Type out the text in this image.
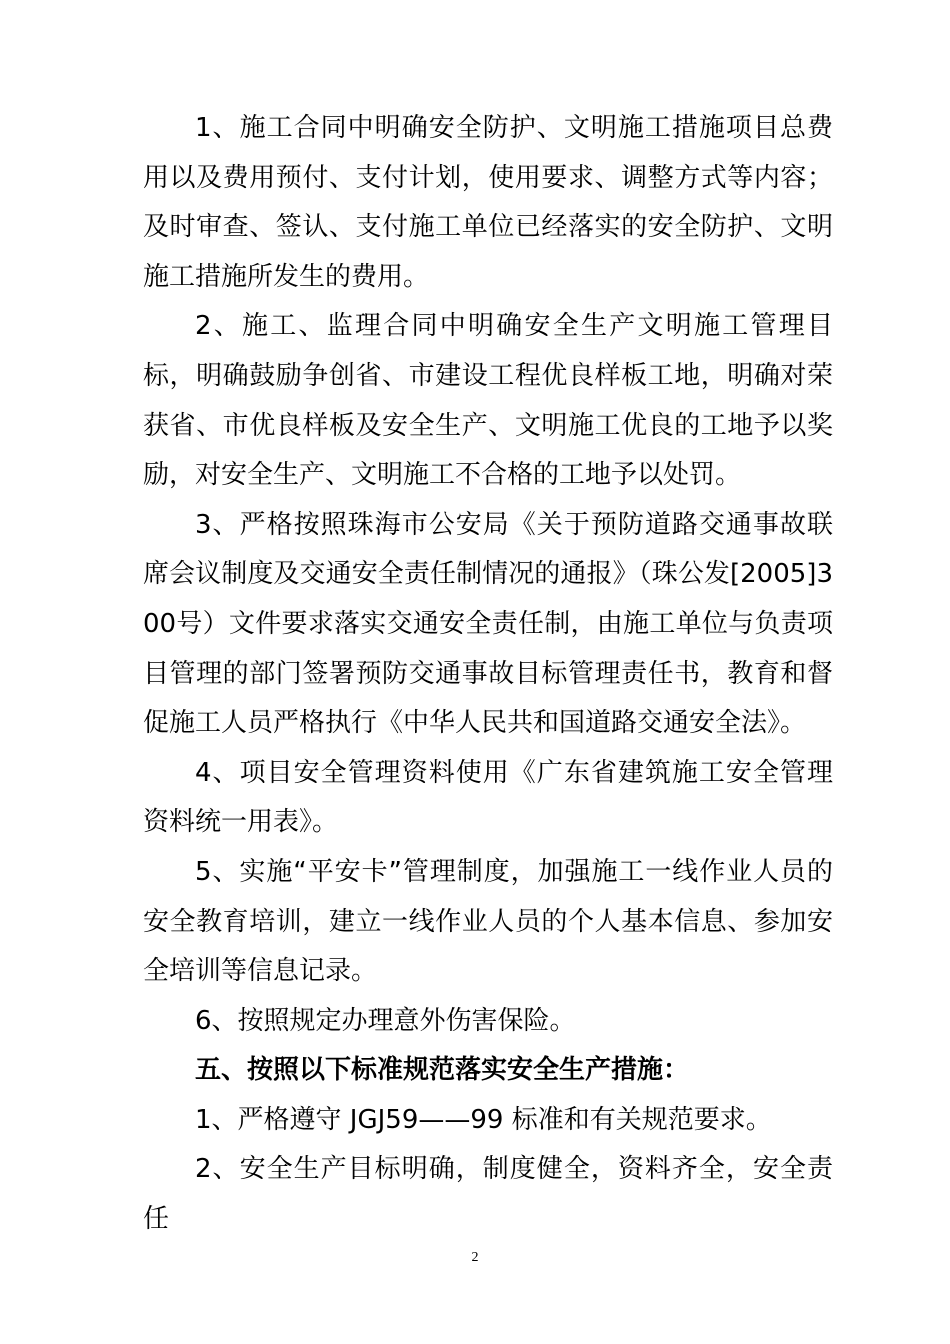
1、施工合同中明确安全防护、文明施工措施项目总费用以及费用预付、支付计划，使用要求、调整方式等内容；及时审查、签认、支付施工单位已经落实的安全防护、文明施工措施所发生的费用。

2、施工、监理合同中明确安全生产文明施工管理目标，明确鼓励争创省、市建设工程优良样板工地，明确对荣获省、市优良样板及安全生产、文明施工优良的工地予以奖励，对安全生产、文明施工不合格的工地予以处罚。

3、严格按照珠海市公安局《关于预防道路交通事故联席会议制度及交通安全责任制情况的通报》（珠公发[2005]300号）文件要求落实交通安全责任制，由施工单位与负责项目管理的部门签署预防交通事故目标管理责任书，教育和督促施工人员严格执行《中华人民共和国道路交通安全法》。

4、项目安全管理资料使用《广东省建筑施工安全管理资料统一用表》。

5、实施“平安卡”管理制度，加强施工一线作业人员的安全教育培训，建立一线作业人员的个人基本信息、参加安全培训等信息记录。

6、按照规定办理意外伤害保险。

五、按照以下标准规范落实安全生产措施：

1、严格遵守 JGJ59——99 标准和有关规范要求。

2、安全生产目标明确，制度健全，资料齐全，安全责任

2
